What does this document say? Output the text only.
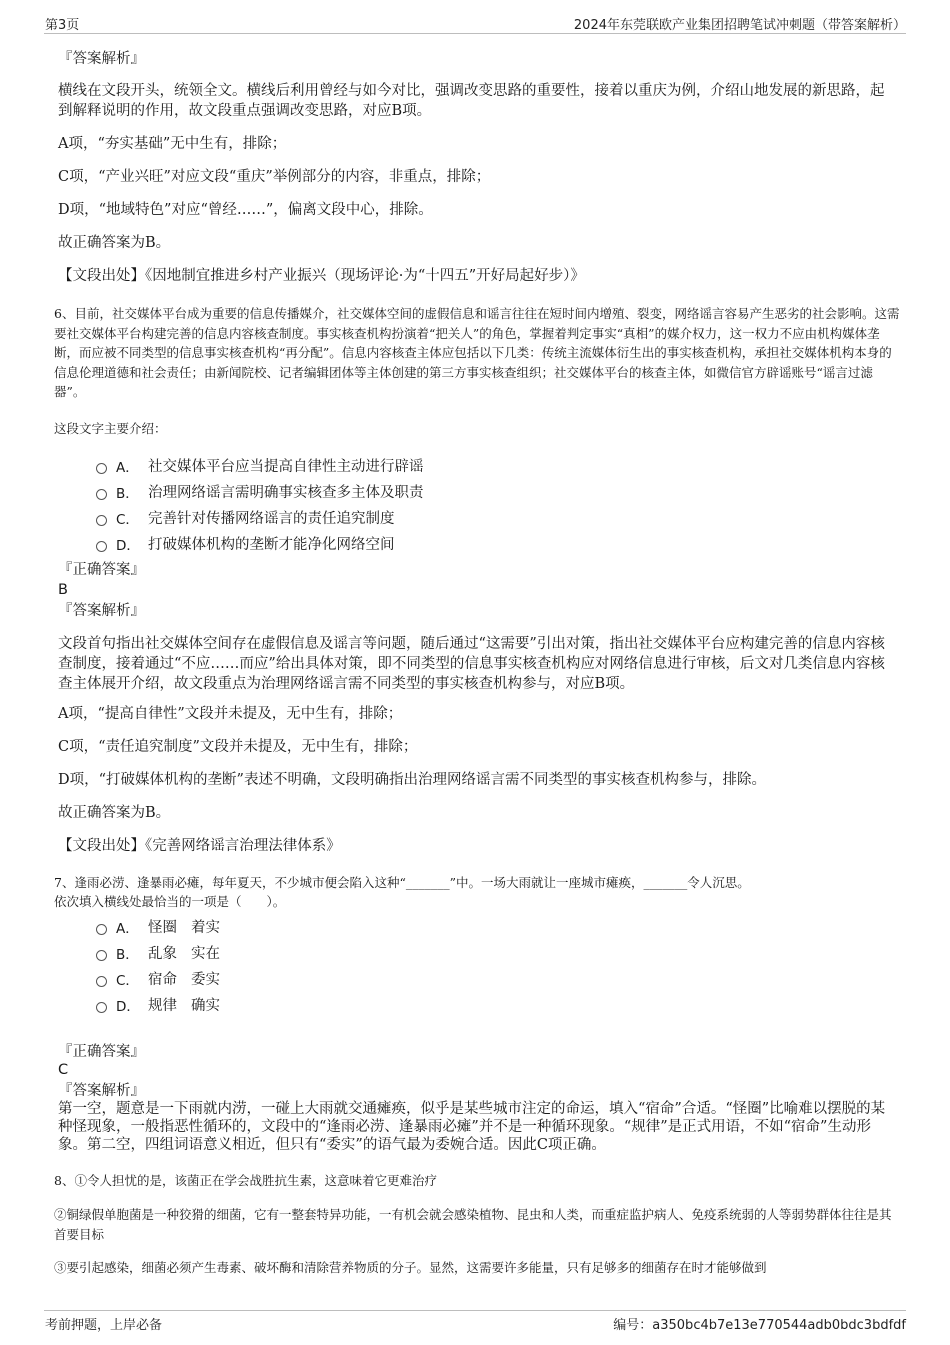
第3页	2024年东莞联欧产业集团招聘笔试冲刺题（带答案解析）
『答案解析』
横线在文段开头，统领全文。横线后利用曾经与如今对比，强调改变思路的重要性，接着以重庆为例，介绍山地发展的新思路，起到解释说明的作用，故文段重点强调改变思路，对应B项。
A项，“夯实基础”无中生有，排除；
C项，“产业兴旺”对应文段“重庆”举例部分的内容，非重点，排除；
D项，“地域特色”对应“曾经……”，偏离文段中心，排除。
故正确答案为B。
【文段出处】《因地制宜推进乡村产业振兴（现场评论·为“十四五”开好局起好步）》
6、目前，社交媒体平台成为重要的信息传播媒介，社交媒体空间的虚假信息和谣言往往在短时间内增殖、裂变，网络谣言容易产生恶劣的社会影响。这需要社交媒体平台构建完善的信息内容核查制度。事实核查机构扮演着“把关人”的角色，掌握着判定事实“真相”的媒介权力，这一权力不应由机构媒体垄断，而应被不同类型的信息事实核查机构“再分配”。信息内容核查主体应包括以下几类：传统主流媒体衍生出的事实核查机构，承担社交媒体机构本身的信息伦理道德和社会责任；由新闻院校、记者编辑团体等主体创建的第三方事实核查组织；社交媒体平台的核查主体，如微信官方辟谣账号“谣言过滤器”。
这段文字主要介绍：
A． 社交媒体平台应当提高自律性主动进行辟谣
B． 治理网络谣言需明确事实核查多主体及职责
C． 完善针对传播网络谣言的责任追究制度
D． 打破媒体机构的垄断才能净化网络空间
『正确答案』
B
『答案解析』
文段首句指出社交媒体空间存在虚假信息及谣言等问题，随后通过“这需要”引出对策，指出社交媒体平台应构建完善的信息内容核查制度，接着通过“不应……而应”给出具体对策，即不同类型的信息事实核查机构应对网络信息进行审核，后文对几类信息内容核查主体展开介绍，故文段重点为治理网络谣言需不同类型的事实核查机构参与，对应B项。
A项，“提高自律性”文段并未提及，无中生有，排除；
C项，“责任追究制度”文段并未提及，无中生有，排除；
D项，“打破媒体机构的垄断”表述不明确，文段明确指出治理网络谣言需不同类型的事实核查机构参与，排除。
故正确答案为B。
【文段出处】《完善网络谣言治理法律体系》
7、逢雨必涝、逢暴雨必瘫，每年夏天，不少城市便会陷入这种“_______”中。一场大雨就让一座城市瘫痪，_______令人沉思。
依次填入横线处最恰当的一项是（　　）。
A． 怪圈 着实
B． 乱象 实在
C． 宿命 委实
D． 规律 确实
『正确答案』
C
『答案解析』
第一空，题意是一下雨就内涝，一碰上大雨就交通瘫痪，似乎是某些城市注定的命运，填入“宿命”合适。“怪圈”比喻难以摆脱的某种怪现象，一般指恶性循环的，文段中的“逢雨必涝、逢暴雨必瘫”并不是一种循环现象。“规律”是正式用语，不如“宿命”生动形象。第二空，四组词语意义相近，但只有“委实”的语气最为委婉合适。因此C项正确。
8、①令人担忧的是，该菌正在学会战胜抗生素，这意味着它更难治疗
②铜绿假单胞菌是一种狡猾的细菌，它有一整套特异功能，一有机会就会感染植物、昆虫和人类，而重症监护病人、免疫系统弱的人等弱势群体往往是其首要目标
③要引起感染，细菌必须产生毒素、破坏酶和清除营养物质的分子。显然，这需要许多能量，只有足够多的细菌存在时才能够做到
考前押题，上岸必备	编号：a350bc4b7e13e770544adb0bdc3bdfdf
